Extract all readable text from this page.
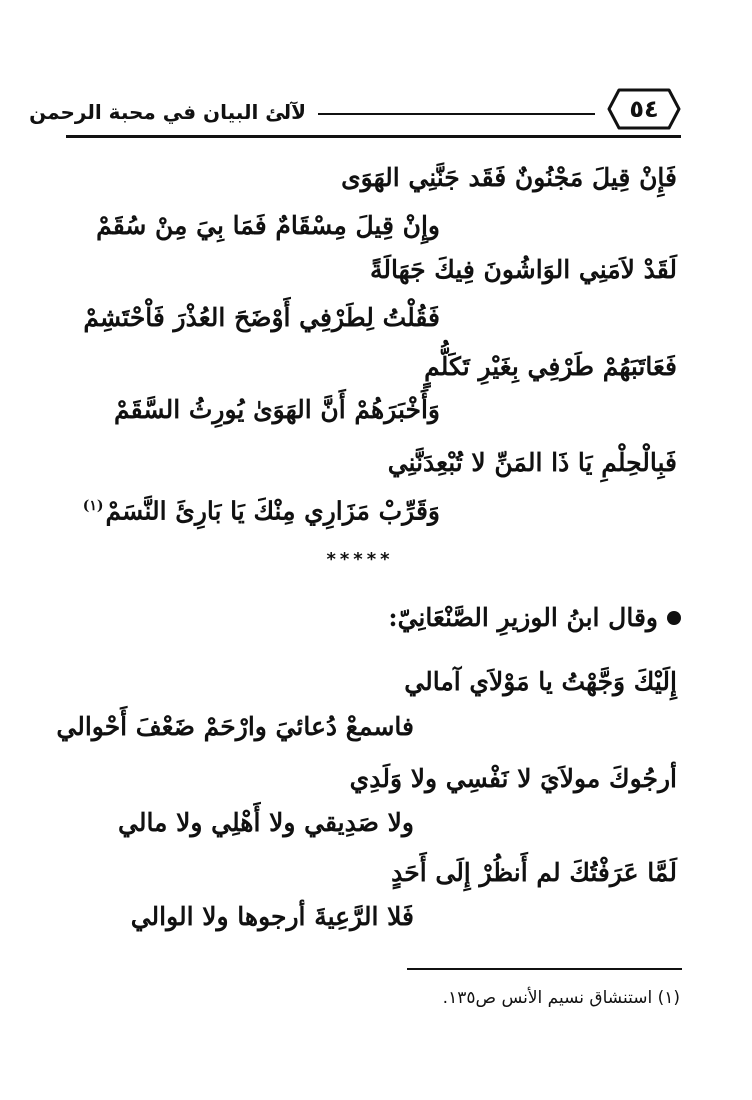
لآلئ البيان في محبة الرحمن	٥٤
فَإِنْ قِيلَ مَجْنُونٌ فَقَد جَنَّنِي الهَوَى
وإِنْ قِيلَ مِسْقَامٌ فَمَا بِيَ مِنْ سُقَمْ
لَقَدْ لاَمَنِي الوَاشُونَ فِيكَ جَهَالَةً
فَقُلْتُ لِطَرْفِي أَوْضَحَ العُذْرَ فَاْحْتَشِمْ
فَعَاتَبَهُمْ طَرْفِي بِغَيْرِ تَكَلُّمٍ
وَأَخْبَرَهُمْ أَنَّ الهَوَىٰ يُورِثُ السَّقَمْ
فَبِالْحِلْمِ يَا ذَا المَنِّ لا تُبْعِدَنَّنِي
وَقَرِّبْ مَزَارِي مِنْكَ يَا بَارِئَ النَّسَمْ$^{(١)}$
*****
وقال ابنُ الوزيرِ الصَّنْعَانِيّ:
إِلَيْكَ وَجَّهْتُ يا مَوْلاَي آمالي
فاسمعْ دُعائيَ وارْحَمْ ضَعْفَ أَحْوالي
أرجُوكَ مولاَيَ لا نَفْسِي ولا وَلَدِي
ولا صَدِيقي ولا أَهْلِي ولا مالي
لَمَّا عَرَفْتُكَ لم أَنظُرْ إِلَى أَحَدٍ
فَلا الرَّعِيةَ أرجوها ولا الوالي
(١) استنشاق نسيم الأنس ص١٣٥.
